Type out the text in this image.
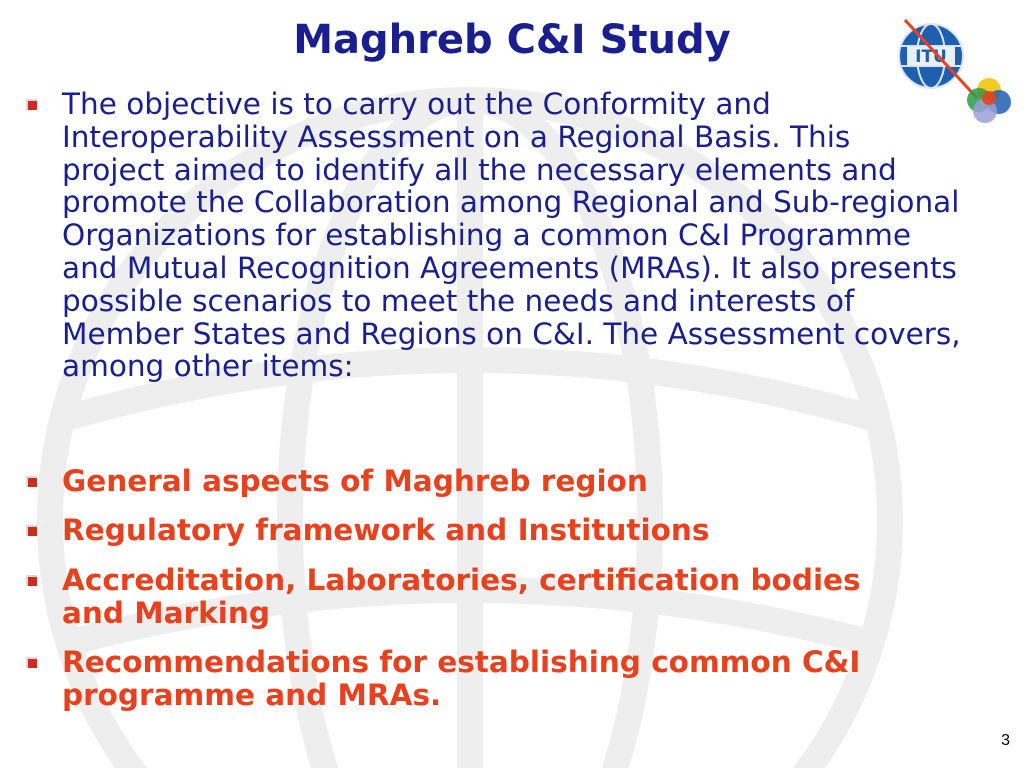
Maghreb C&I Study	ITU

The objective is to carry out the Conformity and Interoperability Assessment on a Regional Basis. This project aimed to identify all the necessary elements and promote the Collaboration among Regional and Sub-regional Organizations for establishing a common C&I Programme and Mutual Recognition Agreements (MRAs). It also presents possible scenarios to meet the needs and interests of Member States and Regions on C&I. The Assessment covers, among other items:

General aspects of Maghreb region

Regulatory framework and Institutions

Accreditation, Laboratories, certification bodies and Marking

Recommendations for establishing common C&I programme and MRAs.

3
